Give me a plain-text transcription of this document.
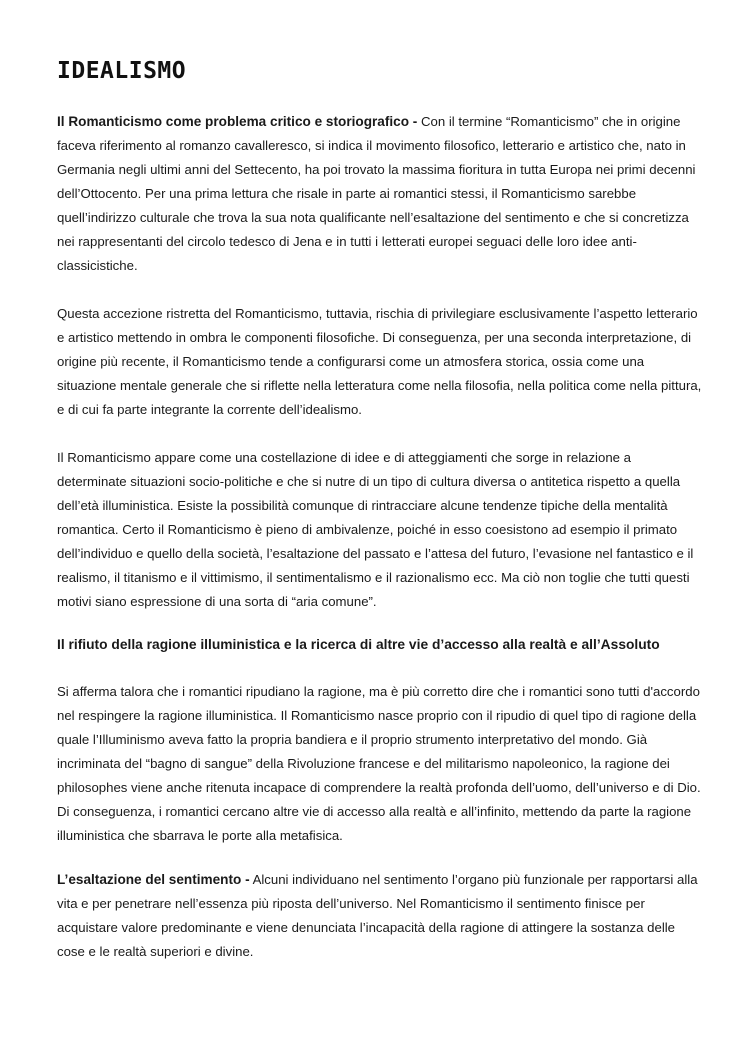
IDEALISMO

Il Romanticismo come problema critico e storiografico - Con il termine “Romanticismo” che in origine faceva riferimento al romanzo cavalleresco, si indica il movimento filosofico, letterario e artistico che, nato in Germania negli ultimi anni del Settecento, ha poi trovato la massima fioritura in tutta Europa nei primi decenni dell’Ottocento. Per una prima lettura che risale in parte ai romantici stessi, il Romanticismo sarebbe quell’indirizzo culturale che trova la sua nota qualificante nell’esaltazione del sentimento e che si concretizza nei rappresentanti del circolo tedesco di Jena e in tutti i letterati europei seguaci delle loro idee anti-classicistiche.

Questa accezione ristretta del Romanticismo, tuttavia, rischia di privilegiare esclusivamente l’aspetto letterario e artistico mettendo in ombra le componenti filosofiche. Di conseguenza, per una seconda interpretazione, di origine più recente, il Romanticismo tende a configurarsi come un atmosfera storica, ossia come una situazione mentale generale che si riflette nella letteratura come nella filosofia, nella politica come nella pittura, e di cui fa parte integrante la corrente dell’idealismo.

Il Romanticismo appare come una costellazione di idee e di atteggiamenti che sorge in relazione a determinate situazioni socio-politiche e che si nutre di un tipo di cultura diversa o antitetica rispetto a quella dell’età illuministica. Esiste la possibilità comunque di rintracciare alcune tendenze tipiche della mentalità romantica. Certo il Romanticismo è pieno di ambivalenze, poiché in esso coesistono ad esempio il primato dell’individuo e quello della società, l’esaltazione del passato e l’attesa del futuro, l’evasione nel fantastico e il realismo, il titanismo e il vittimismo, il sentimentalismo e il razionalismo ecc. Ma ciò non toglie che tutti questi motivi siano espressione di una sorta di “aria comune”.

Il rifiuto della ragione illuministica e la ricerca di altre vie d’accesso alla realtà e all’Assoluto

Si afferma talora che i romantici ripudiano la ragione, ma è più corretto dire che i romantici sono tutti d'accordo nel respingere la ragione illuministica. Il Romanticismo nasce proprio con il ripudio di quel tipo di ragione della quale l’Illuminismo aveva fatto la propria bandiera e il proprio strumento interpretativo del mondo. Già incriminata del “bagno di sangue” della Rivoluzione francese e del militarismo napoleonico, la ragione dei philosophes viene anche ritenuta incapace di comprendere la realtà profonda dell’uomo, dell’universo e di Dio. Di conseguenza, i romantici cercano altre vie di accesso alla realtà e all’infinito, mettendo da parte la ragione illuministica che sbarrava le porte alla metafisica.

L’esaltazione del sentimento - Alcuni individuano nel sentimento l’organo più funzionale per rapportarsi alla vita e per penetrare nell’essenza più riposta dell’universo. Nel Romanticismo il sentimento finisce per acquistare valore predominante e viene denunciata l’incapacità della ragione di attingere la sostanza delle cose e le realtà superiori e divine.
